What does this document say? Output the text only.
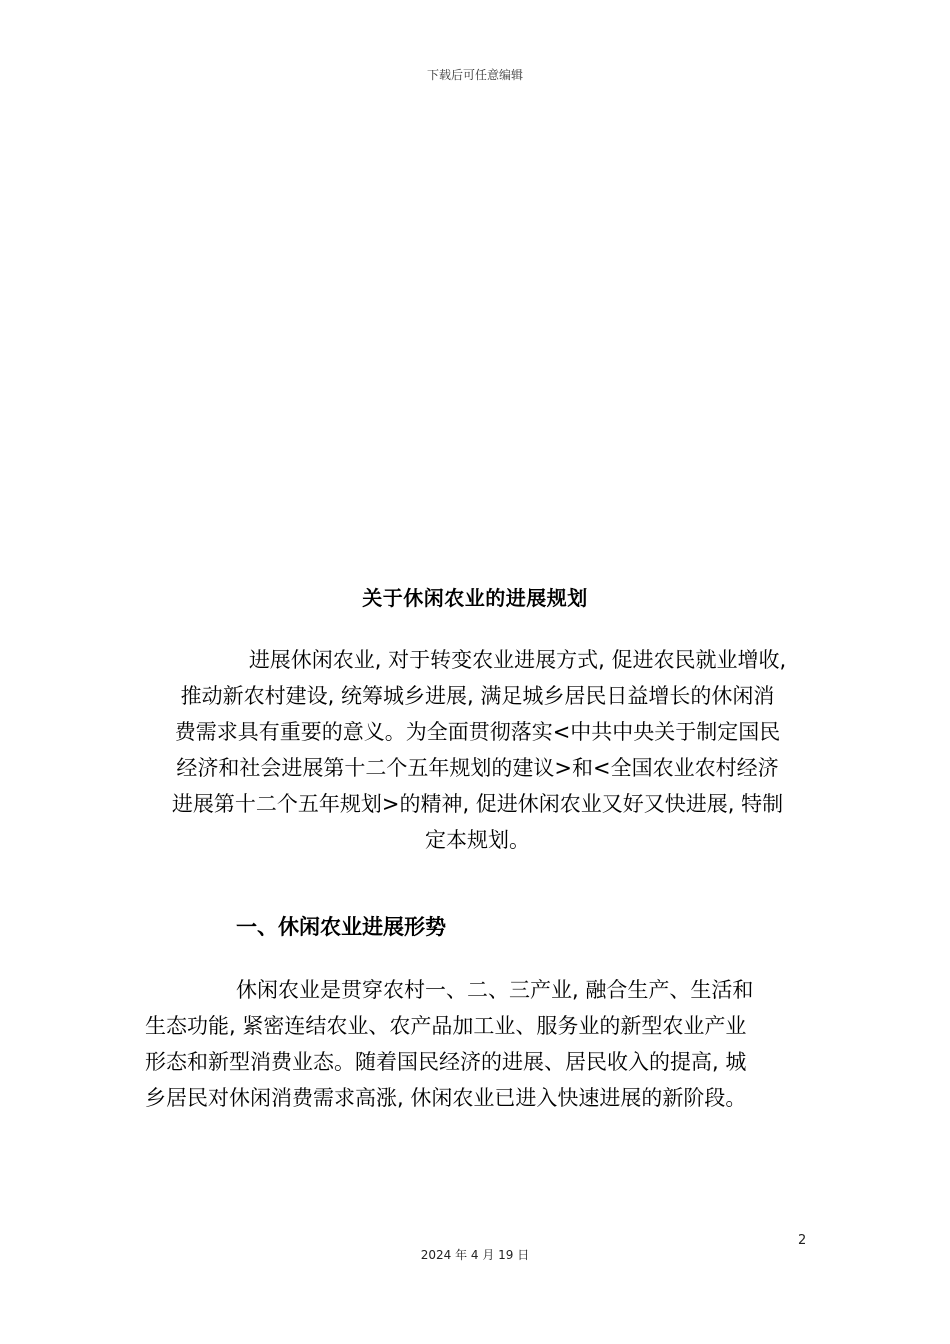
下载后可任意编辑
关于休闲农业的进展规划
进展休闲农业, 对于转变农业进展方式, 促进农民就业增收,
推动新农村建设, 统筹城乡进展, 满足城乡居民日益增长的休闲消
费需求具有重要的意义。为全面贯彻落实<中共中央关于制定国民
经济和社会进展第十二个五年规划的建议>和<全国农业农村经济
进展第十二个五年规划>的精神, 促进休闲农业又好又快进展, 特制
定本规划。
一、休闲农业进展形势
休闲农业是贯穿农村一、二、三产业, 融合生产、生活和
生态功能, 紧密连结农业、农产品加工业、服务业的新型农业产业
形态和新型消费业态。随着国民经济的进展、居民收入的提高, 城
乡居民对休闲消费需求高涨, 休闲农业已进入快速进展的新阶段。
2
2024 年 4 月 19 日
